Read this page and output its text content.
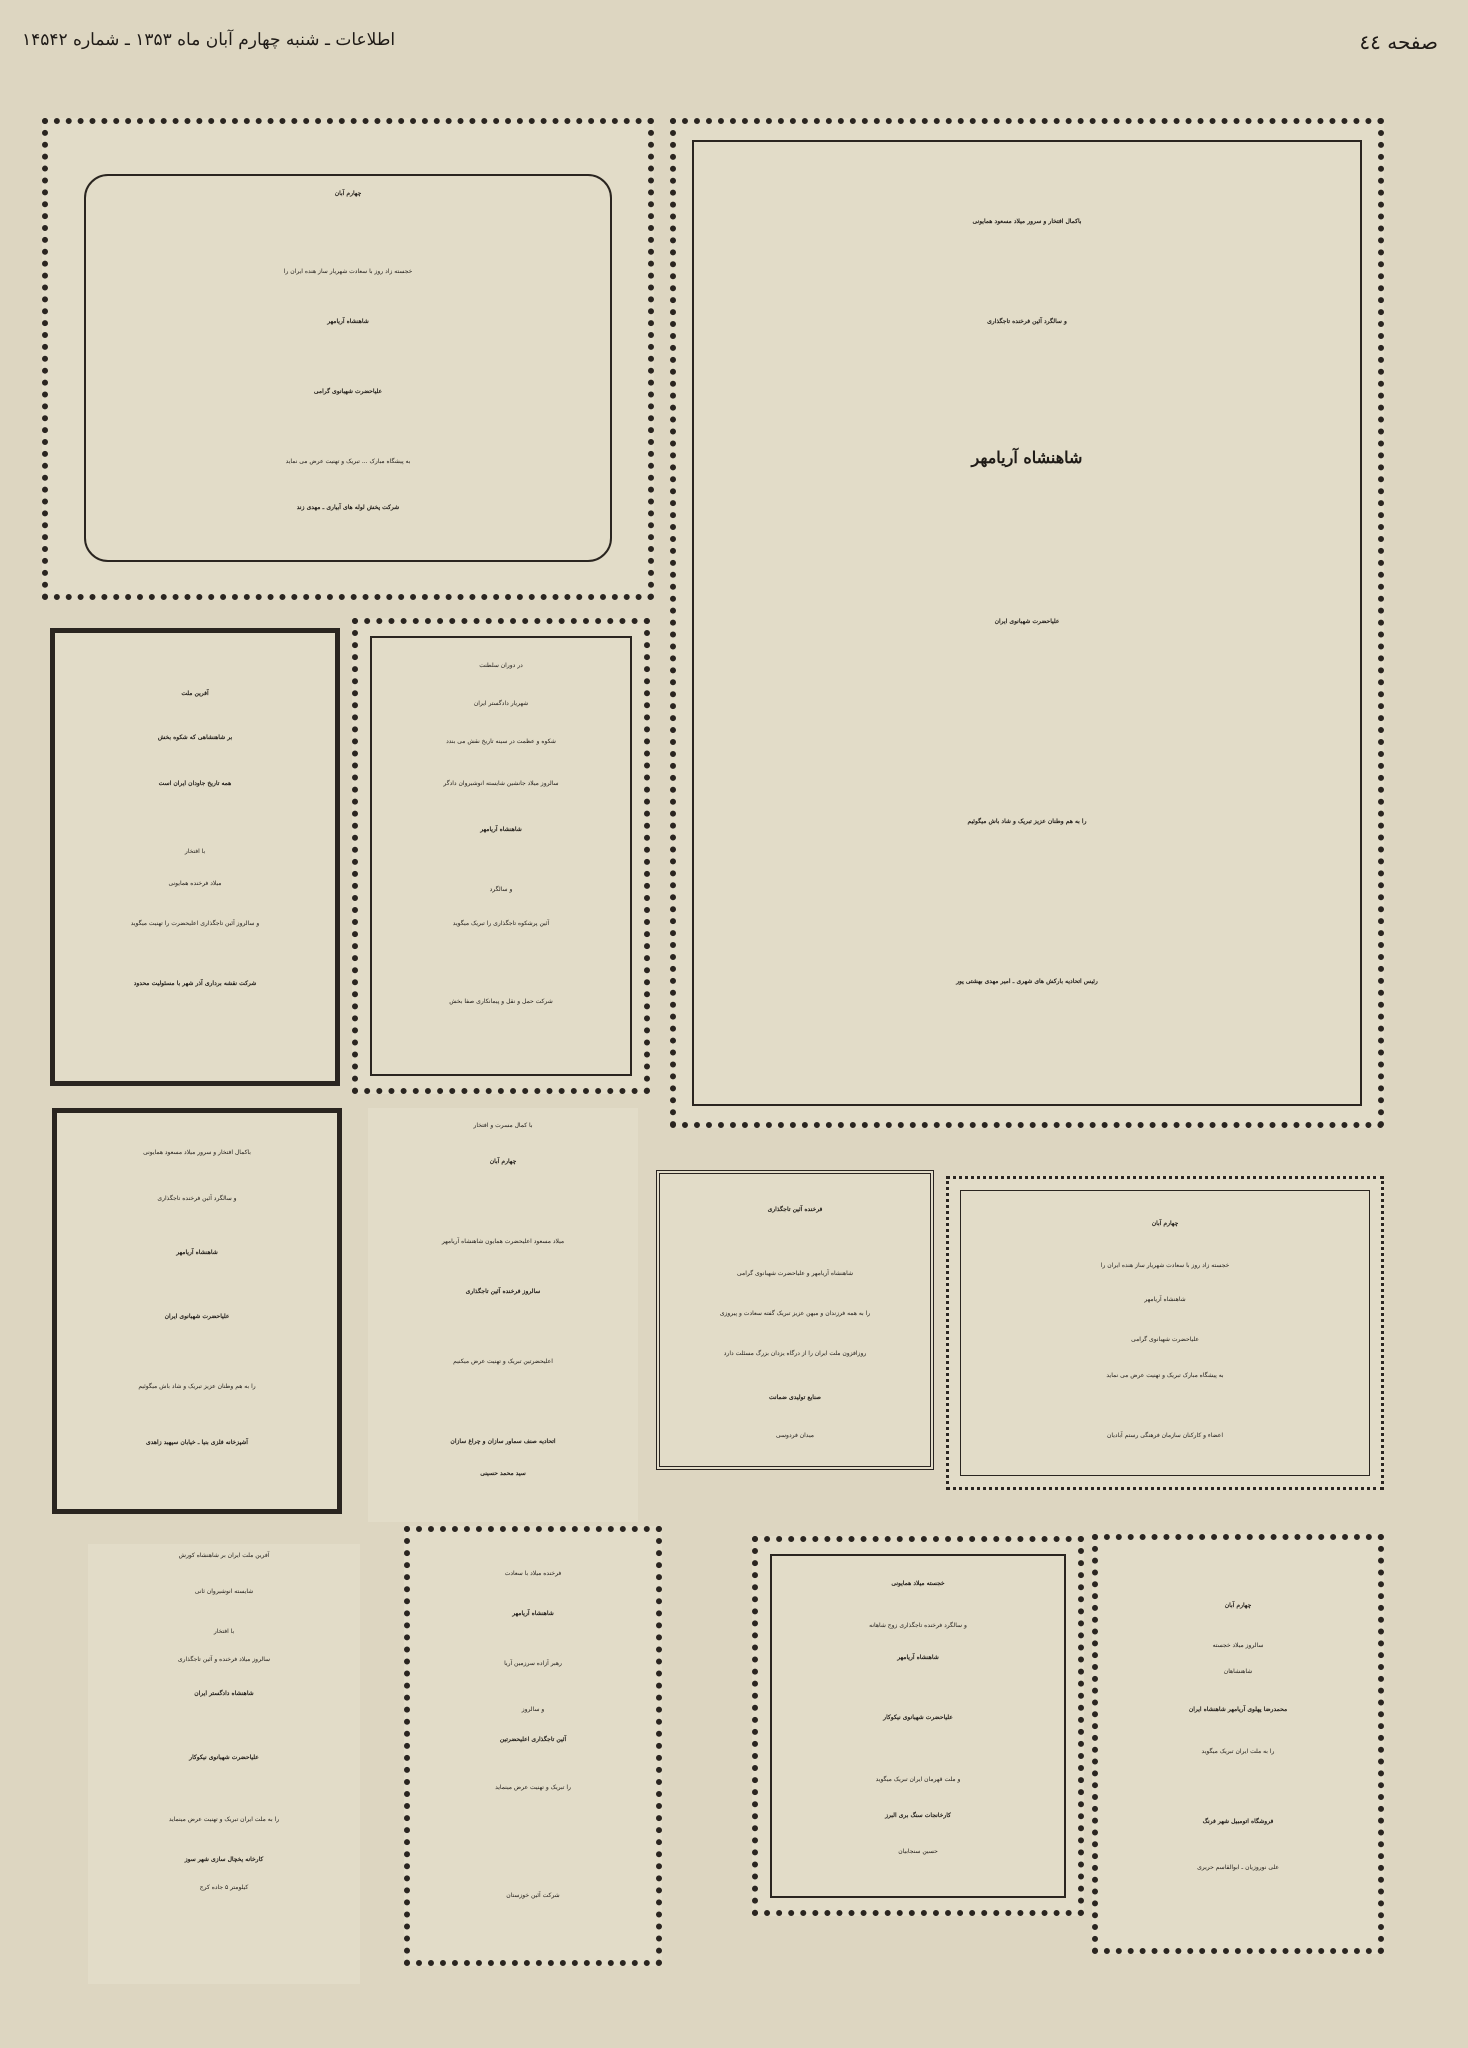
صفحه ٤٤
اطلاعات ـ شنبه چهارم آبان ماه ۱۳۵۳ ـ شماره ۱۴۵۴۲
باکمال افتخار و سرور میلاد مسعود همایونی
و سالگرد آئین فرخنده تاجگذاری
شاهنشاه آریامهر
علیاحضرت شهبانوی ایران
را به هم وطنان عزیز تبریک و شاد باش میگوئیم
رئیس اتحادیه بارکش های شهری ـ امیر مهدی بهشتی پور
چهارم آبان
خجسته زاد روز با سعادت شهریار ساز هنده ایران را
شاهنشاه آریامهر
علیاحضرت شهبانوی گرامی
به پیشگاه مبارک ... تبریک و تهنیت عرض می نماید
شرکت پخش لوله های آبیاری ـ مهدی زند
آفرین ملت
بر شاهنشاهی که شکوه بخش
همه تاریخ جاودان ایران است
با افتخار
میلاد فرخنده همایونی
و سالروز آئین تاجگذاری اعلیحضرت را تهنیت میگوید
شرکت نقشه برداری آذر شهر با مسئولیت محدود
در دوران سلطنت
شهریار دادگستر ایران
شکوه و عظمت در سینه تاریخ نقش می بندد
سالروز میلاد جانشین شایسته انوشیروان دادگر
شاهنشاه آریامهر
و سالگرد
آئین پرشکوه تاجگذاری را تبریک میگوید
شرکت حمل و نقل و پیمانکاری صفا بخش
باکمال افتخار و سرور میلاد مسعود همایونی
و سالگرد آئین فرخنده تاجگذاری
شاهنشاه آریامهر
علیاحضرت شهبانوی ایران
را به هم وطنان عزیز تبریک و شاد باش میگوئیم
آشپزخانه فلزی بنیا ـ خیابان سپهبد زاهدی
با کمال مسرت و افتخار
چهارم آبان
میلاد مسعود اعلیحضرت همایون شاهنشاه آریامهر
سالروز فرخنده آئین تاجگذاری
اعلیحضرتین تبریک و تهنیت عرض میکنیم
اتحادیه صنف سماور سازان و چراغ سازان
سید محمد حسینی
فرخنده آئین تاجگذاری
شاهنشاه آریامهر و علیاحضرت شهبانوی گرامی
را به همه فرزندان و میهن عزیز تبریک گفته سعادت و پیروزی
روزافزون ملت ایران را از درگاه یزدان بزرگ مسئلت دارد
صنایع تولیدی ضمانت
میدان فردوسی
چهارم آبان
خجسته زاد روز با سعادت شهریار ساز هنده ایران را
شاهنشاه آریامهر
علیاحضرت شهبانوی گرامی
به پیشگاه مبارک تبریک و تهنیت عرض می نماید
اعضاء و کارکنان سازمان فرهنگی رستم آبادیان
آفرین ملت ایران بر شاهنشاه کورش
شایسته انوشیروان ثانی
با افتخار
سالروز میلاد فرخنده و آئین تاجگذاری
شاهنشاه دادگستر ایران
علیاحضرت شهبانوی نیکوکار
را به ملت ایران تبریک و تهنیت عرض مینماید
کارخانه یخچال سازی شهر سوز
کیلومتر ۵ جاده کرج
فرخنده میلاد با سعادت
شاهنشاه آریامهر
رهبر آزاده سرزمین آریا
و سالروز
آئین تاجگذاری اعلیحضرتین
را تبریک و تهنیت عرض مینماید
شرکت آئین خوزستان
خجسته میلاد همایونی
و سالگرد فرخنده تاجگذاری زوج شاهانه
شاهنشاه آریامهر
علیاحضرت شهبانوی نیکوکار
و ملت قهرمان ایران تبریک میگوید
کارخانجات سنگ بری البرز
حسین سنجابیان
چهارم آبان
سالروز میلاد خجسته
شاهنشاهان
محمدرضا پهلوی آریامهر شاهنشاه ایران
را به ملت ایران تبریک میگوید
فروشگاه اتومبیل شهر فرنگ
علی نوروزیان ـ ابوالقاسم حریری
